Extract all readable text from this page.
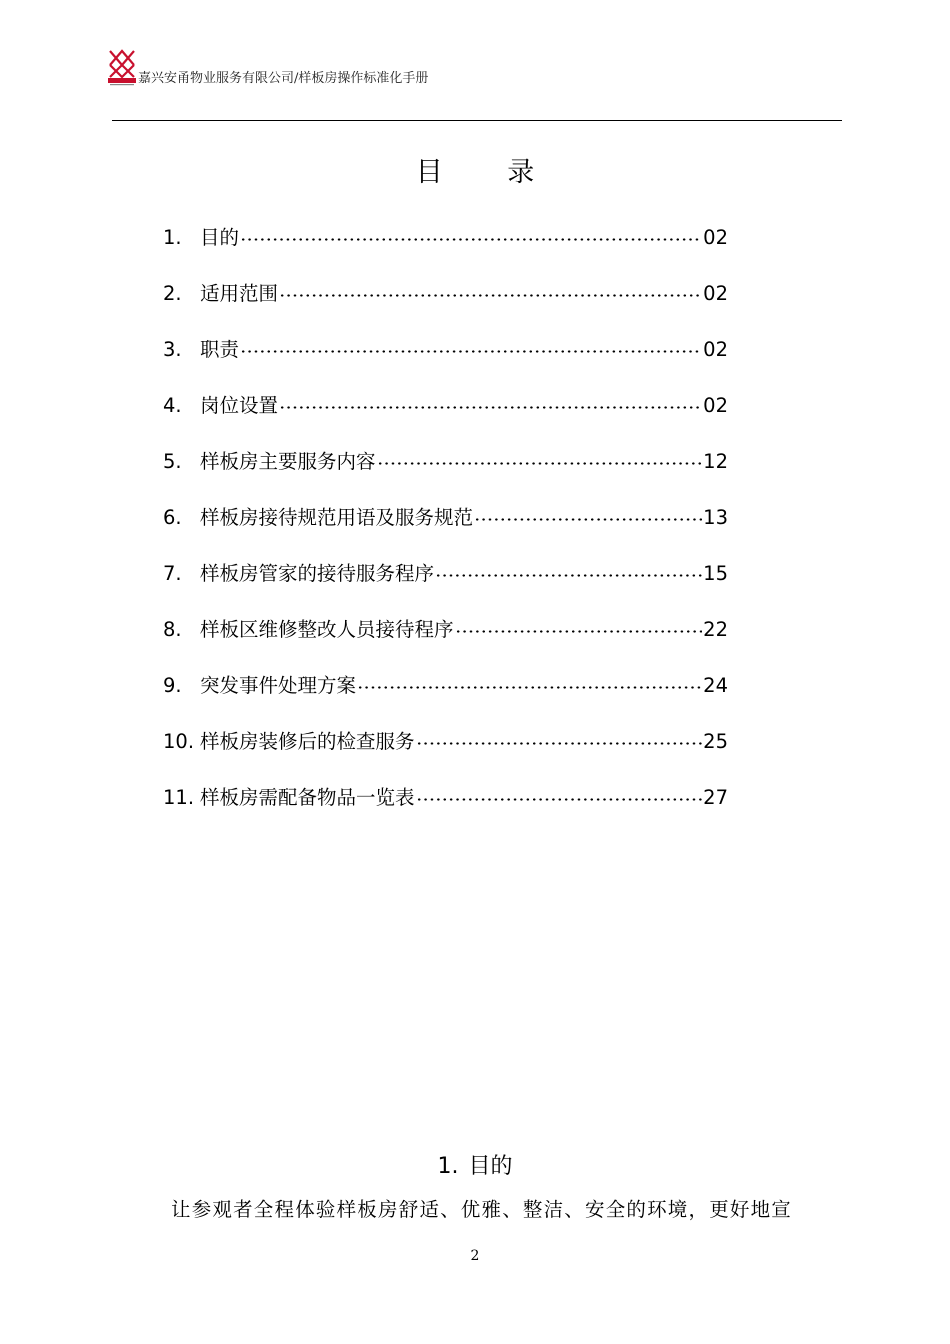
嘉兴安甬物业服务有限公司/样板房操作标准化手册
目 录
1. 目的	02
2. 适用范围	02
3. 职责	02
4. 岗位设置	02
5. 样板房主要服务内容	12
6. 样板房接待规范用语及服务规范	13
7. 样板房管家的接待服务程序	15
8. 样板区维修整改人员接待程序	22
9. 突发事件处理方案	24
10. 样板房装修后的检查服务	25
11. 样板房需配备物品一览表	27
1. 目的
让参观者全程体验样板房舒适、优雅、整洁、安全的环境，更好地宣
2
